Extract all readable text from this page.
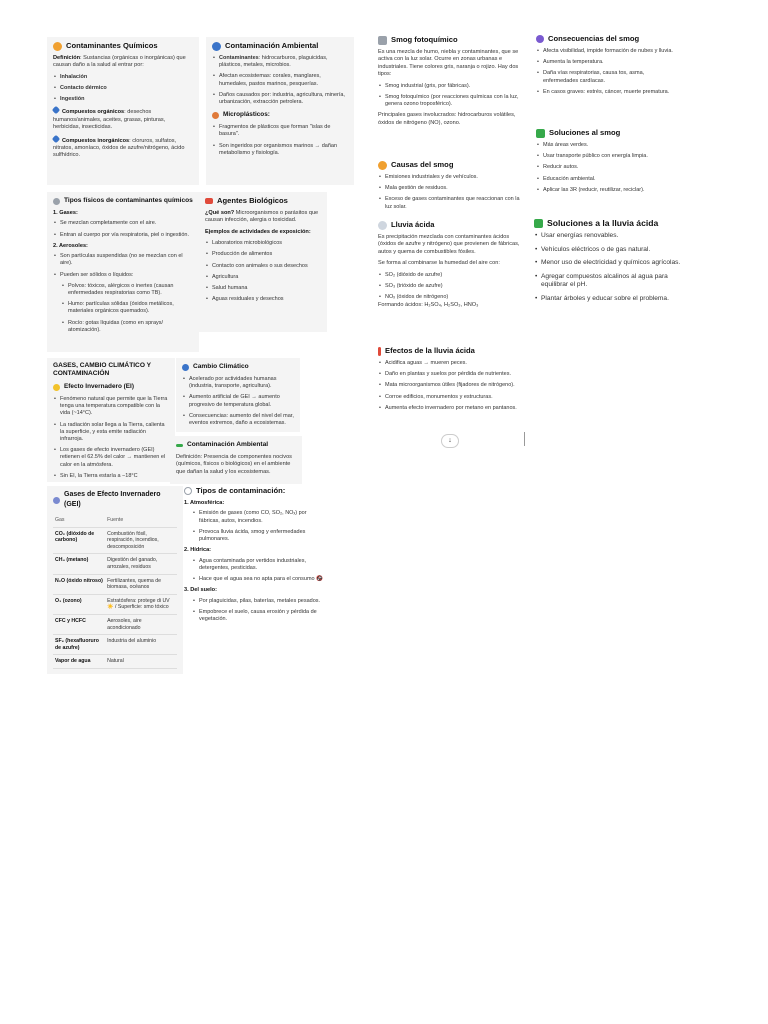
Contaminantes Químicos

Definición: Sustancias (orgánicas o inorgánicas) que causan daño a la salud al entrar por:

• Inhalación
• Contacto dérmico
• Ingestión

Compuestos orgánicos: desechos humanos/animales, aceites, grasas, pinturas, herbicidas, insecticidas.

Compuestos inorgánicos: cloruros, sulfatos, nitratos, amoníaco, óxidos de azufre/nitrógeno, ácido sulfhídrico.

Contaminación Ambiental
• Contaminantes: hidrocarburos, plaguicidas, plásticos, metales, microbios.
• Afectan ecosistemas: corales, manglares, humedales, pastos marinos, pesquerías.
• Daños causados por: industria, agricultura, minería, urbanización, extracción petrolera.
Microplásticos:
• Fragmentos de plásticos que forman "islas de basura".
• Son ingeridos por organismos marinos → dañan metabolismo y fisiología.
Tipos físicos de contaminantes químicos
1. Gases:
• Se mezclan completamente con el aire.
• Entran al cuerpo por vía respiratoria, piel o ingestión.
2. Aerosoles:
• Son partículas suspendidas (no se mezclan con el aire).
• Pueden ser sólidos o líquidos:
• Polvos: tóxicos, alérgicos o inertes (causan enfermedades respiratorias como TB).
• Humo: partículas sólidas (óxidos metálicos, materiales orgánicos quemados).
• Rocío: gotas líquidas (como en sprays/ atomización).
Agentes Biológicos

¿Qué son? Microorganismos o parásitos que causan infección, alergia o toxicidad.

Ejemplos de actividades de exposición:

• Laboratorios microbiológicos
• Producción de alimentos
• Contacto con animales o sus desechos
• Agricultura
• Salud humana
• Aguas residuales y desechos
Smog fotoquímico

Es una mezcla de humo, niebla y contaminantes, que se activa con la luz solar. Ocurre en zonas urbanas e industriales. Tiene colores gris, naranja o rojizo. Hay dos tipos:

• Smog industrial (gris, por fábricas).
• Smog fotoquímico (por reacciones químicas con la luz, genera ozono troposférico).

Principales gases involucrados: hidrocarburos volátiles, óxidos de nitrógeno (NO), ozono.

Consecuencias del smog
• Afecta visibilidad, impide formación de nubes y lluvia.
• Aumenta la temperatura.
• Daña vías respiratorias, causa tos, asma, enfermedades cardíacas.
• En casos graves: estrés, cáncer, muerte prematura.
Soluciones al smog
• Más áreas verdes.
• Usar transporte público con energía limpia.
• Reducir autos.
• Educación ambiental.
• Aplicar las 3R (reducir, reutilizar, reciclar).
Causas del smog
• Emisiones industriales y de vehículos.
• Mala gestión de residuos.
• Exceso de gases contaminantes que reaccionan con la luz solar.
Lluvia ácida

Es precipitación mezclada con contaminantes ácidos (óxidos de azufre y nitrógeno) que provienen de fábricas, autos y quema de combustibles fósiles.

Se forma al combinarse la humedad del aire con:

• SO₂ (dióxido de azufre)
• SO₃ (trióxido de azufre)
• NOₓ (óxidos de nitrógeno)

Formando ácidos: H₂SO₄, H₂SO₃, HNO₃

Soluciones a la lluvia ácida
• Usar energías renovables.
• Vehículos eléctricos o de gas natural.
• Menor uso de electricidad y químicos agrícolas.
• Agregar compuestos alcalinos al agua para equilibrar el pH.
• Plantar árboles y educar sobre el problema.
Efectos de la lluvia ácida
• Acidifica aguas → mueren peces.
• Daño en plantas y suelos por pérdida de nutrientes.
• Mata microorganismos útiles (fijadores de nitrógeno).
• Corroe edificios, monumentos y estructuras.
• Aumenta efecto invernadero por metano en pantanos.
↓
GASES, CAMBIO CLIMÁTICO Y CONTAMINACIÓN
Efecto Invernadero (EI)
• Fenómeno natural que permite que la Tierra tenga una temperatura compatible con la vida (~14°C).
• La radiación solar llega a la Tierra, calienta la superficie, y esta emite radiación infrarroja.
• Los gases de efecto invernadero (GEI) retienen el 62.5% del calor → mantienen el calor en la atmósfera.
• Sin EI, la Tierra estaría a −18°C
Cambio Climático
• Acelerado por actividades humanas (industria, transporte, agricultura).
• Aumento artificial de GEI → aumento progresivo de temperatura global.
• Consecuencias: aumento del nivel del mar, eventos extremos, daño a ecosistemas.
Contaminación Ambiental

Definición: Presencia de componentes nocivos (químicos, físicos o biológicos) en el ambiente que dañan la salud y los ecosistemas.

Gases de Efecto Invernadero (GEI)
Gas	Fuente
CO₂ (dióxido de carbono)	Combustión fósil, respiración, incendios, descomposición
CH₄ (metano)	Digestión del ganado, arrozales, residuos
N₂O (óxido nitroso)	Fertilizantes, quema de biomasa, océanos
O₃ (ozono)	Estratósfera: protege di UV ☀️ / Superficie: smo tóxico
CFC y HCFC	Aerosoles, aire acondicionado
SF₆ (hexafluoruro de azufre)	Industria del aluminio
Vapor de agua	Natural
Tipos de contaminación:
1. Atmosférica:
• Emisión de gases (como CO, SO₂, NOₓ) por fábricas, autos, incendios.
• Provoca lluvia ácida, smog y enfermedades pulmonares.
2. Hídrica:
• Agua contaminada por vertidos industriales, detergentes, pesticidas.
• Hace que el agua sea no apta para el consumo 🚱
3. Del suelo:
• Por plaguicidas, pilas, baterías, metales pesados.
• Empobrece el suelo, causa erosión y pérdida de vegetación.
